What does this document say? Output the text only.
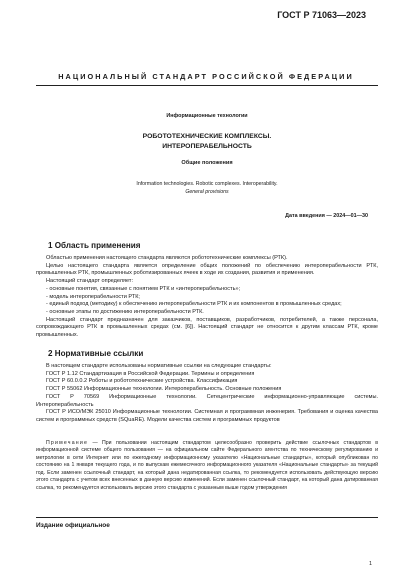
ГОСТ Р 71063—2023
НАЦИОНАЛЬНЫЙ СТАНДАРТ РОССИЙСКОЙ ФЕДЕРАЦИИ
Информационные технологии
РОБОТОТЕХНИЧЕСКИЕ КОМПЛЕКСЫ.
ИНТЕРОПЕРАБЕЛЬНОСТЬ
Общие положения
Information technologies. Robotic complexes. Interoperability.
General provisions
Дата введения — 2024—01—30
1 Область применения

Областью применения настоящего стандарта являются робототехнические комплексы (РТК).

Целью настоящего стандарта является определение общих положений по обеспечению интероперабельности РТК, промышленных РТК, промышленных роботизированных ячеек в ходе их создания, развития и применения.

Настоящий стандарт определяет:

- основные понятия, связанные с понятием РТК и «интероперабельность»;

- модель интероперабельности РТК;

- единый подход (методику) к обеспечению интероперабельности РТК и их компонентов в промышленных средах;

- основные этапы по достижению интероперабельности РТК.

Настоящий стандарт предназначен для заказчиков, поставщиков, разработчиков, потребителей, а также персонала, сопровождающего РТК в промышленных средах (см. [6]). Настоящий стандарт не относится к другим классам РТК, кроме промышленных.

2 Нормативные ссылки

В настоящем стандарте использованы нормативные ссылки на следующие стандарты:

ГОСТ Р 1.12 Стандартизация в Российской Федерации. Термины и определения

ГОСТ Р 60.0.0.2 Роботы и робототехнические устройства. Классификация

ГОСТ Р 55062 Информационные технологии. Интероперабельность. Основные положения

ГОСТ Р 70569 Информационные технологии. Сетецентрические информационно-управляющие системы. Интероперабельность

ГОСТ Р ИСО/МЭК 25010 Информационные технологии. Системная и программная инженерия. Требования и оценка качества систем и программных средств (SQuaRE). Модели качества систем и программных продуктов

Примечание — При пользовании настоящим стандартом целесообразно проверить действие ссылочных стандартов в информационной системе общего пользования — на официальном сайте Федерального агентства по техническому регулированию и метрологии в сети Интернет или по ежегодному информационному указателю «Национальные стандарты», который опубликован по состоянию на 1 января текущего года, и по выпускам ежемесячного информационного указателя «Национальные стандарты» за текущий год. Если заменен ссылочный стандарт, на который дана недатированная ссылка, то рекомендуется использовать действующую версию этого стандарта с учетом всех внесенных в данную версию изменений. Если заменен ссылочный стандарт, на который дана датированная ссылка, то рекомендуется использовать версию этого стандарта с указанным выше годом утверждения

Издание официальное
1
